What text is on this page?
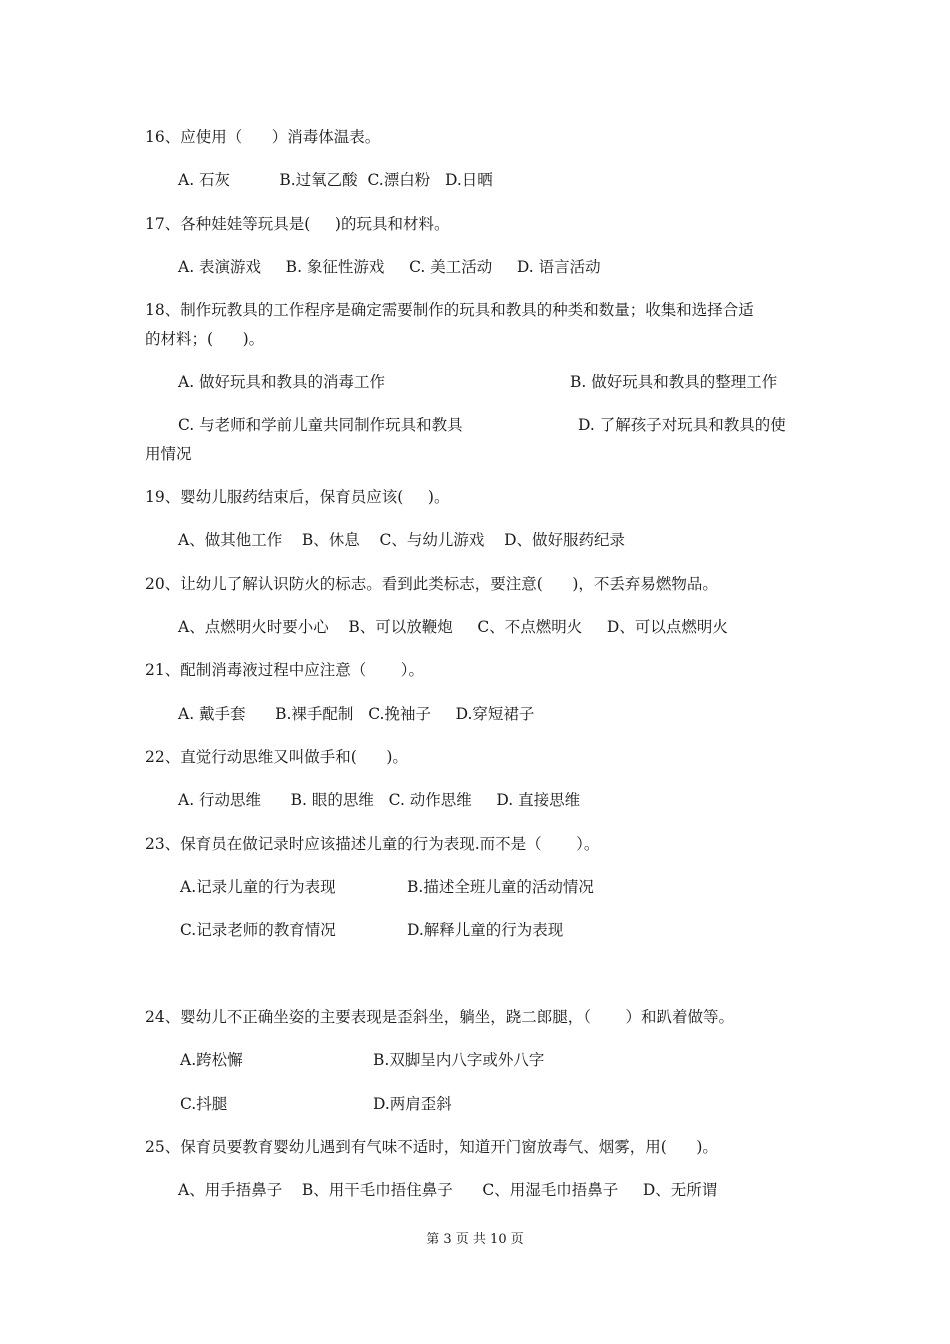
16、应使用（      ）消毒体温表。
A. 石灰          B.过氧乙酸  C.漂白粉   D.日晒
17、各种娃娃等玩具是(     )的玩具和材料。
A. 表演游戏     B. 象征性游戏     C. 美工活动     D. 语言活动
18、制作玩教具的工作程序是确定需要制作的玩具和教具的种类和数量；收集和选择合适
的材料；(      )。
A. 做好玩具和教具的消毒工作	B. 做好玩具和教具的整理工作
C. 与老师和学前儿童共同制作玩具和教具	D. 了解孩子对玩具和教具的使
用情况
19、婴幼儿服药结束后，保育员应该(     )。
A、做其他工作    B、休息    C、与幼儿游戏    D、做好服药纪录
20、让幼儿了解认识防火的标志。看到此类标志，要注意(      )，不丢弃易燃物品。
A、点燃明火时要小心    B、可以放鞭炮     C、不点燃明火     D、可以点燃明火
21、配制消毒液过程中应注意（       ）。
A. 戴手套      B.裸手配制   C.挽袖子     D.穿短裙子
22、直觉行动思维又叫做手和(      )。
A. 行动思维      B. 眼的思维   C. 动作思维     D. 直接思维
23、保育员在做记录时应该描述儿童的行为表现.而不是（       ）。
A.记录儿童的行为表现	B.描述全班儿童的活动情况
C.记录老师的教育情况	D.解释儿童的行为表现
24、婴幼儿不正确坐姿的主要表现是歪斜坐，躺坐，跷二郎腿，（       ）和趴着做等。
A.跨松懈	B.双脚呈内八字或外八字
C.抖腿	D.两肩歪斜
25、保育员要教育婴幼儿遇到有气味不适时，知道开门窗放毒气、烟雾，用(      )。
A、用手捂鼻子    B、用干毛巾捂住鼻子      C、用湿毛巾捂鼻子     D、无所谓
第 3 页 共 10 页
